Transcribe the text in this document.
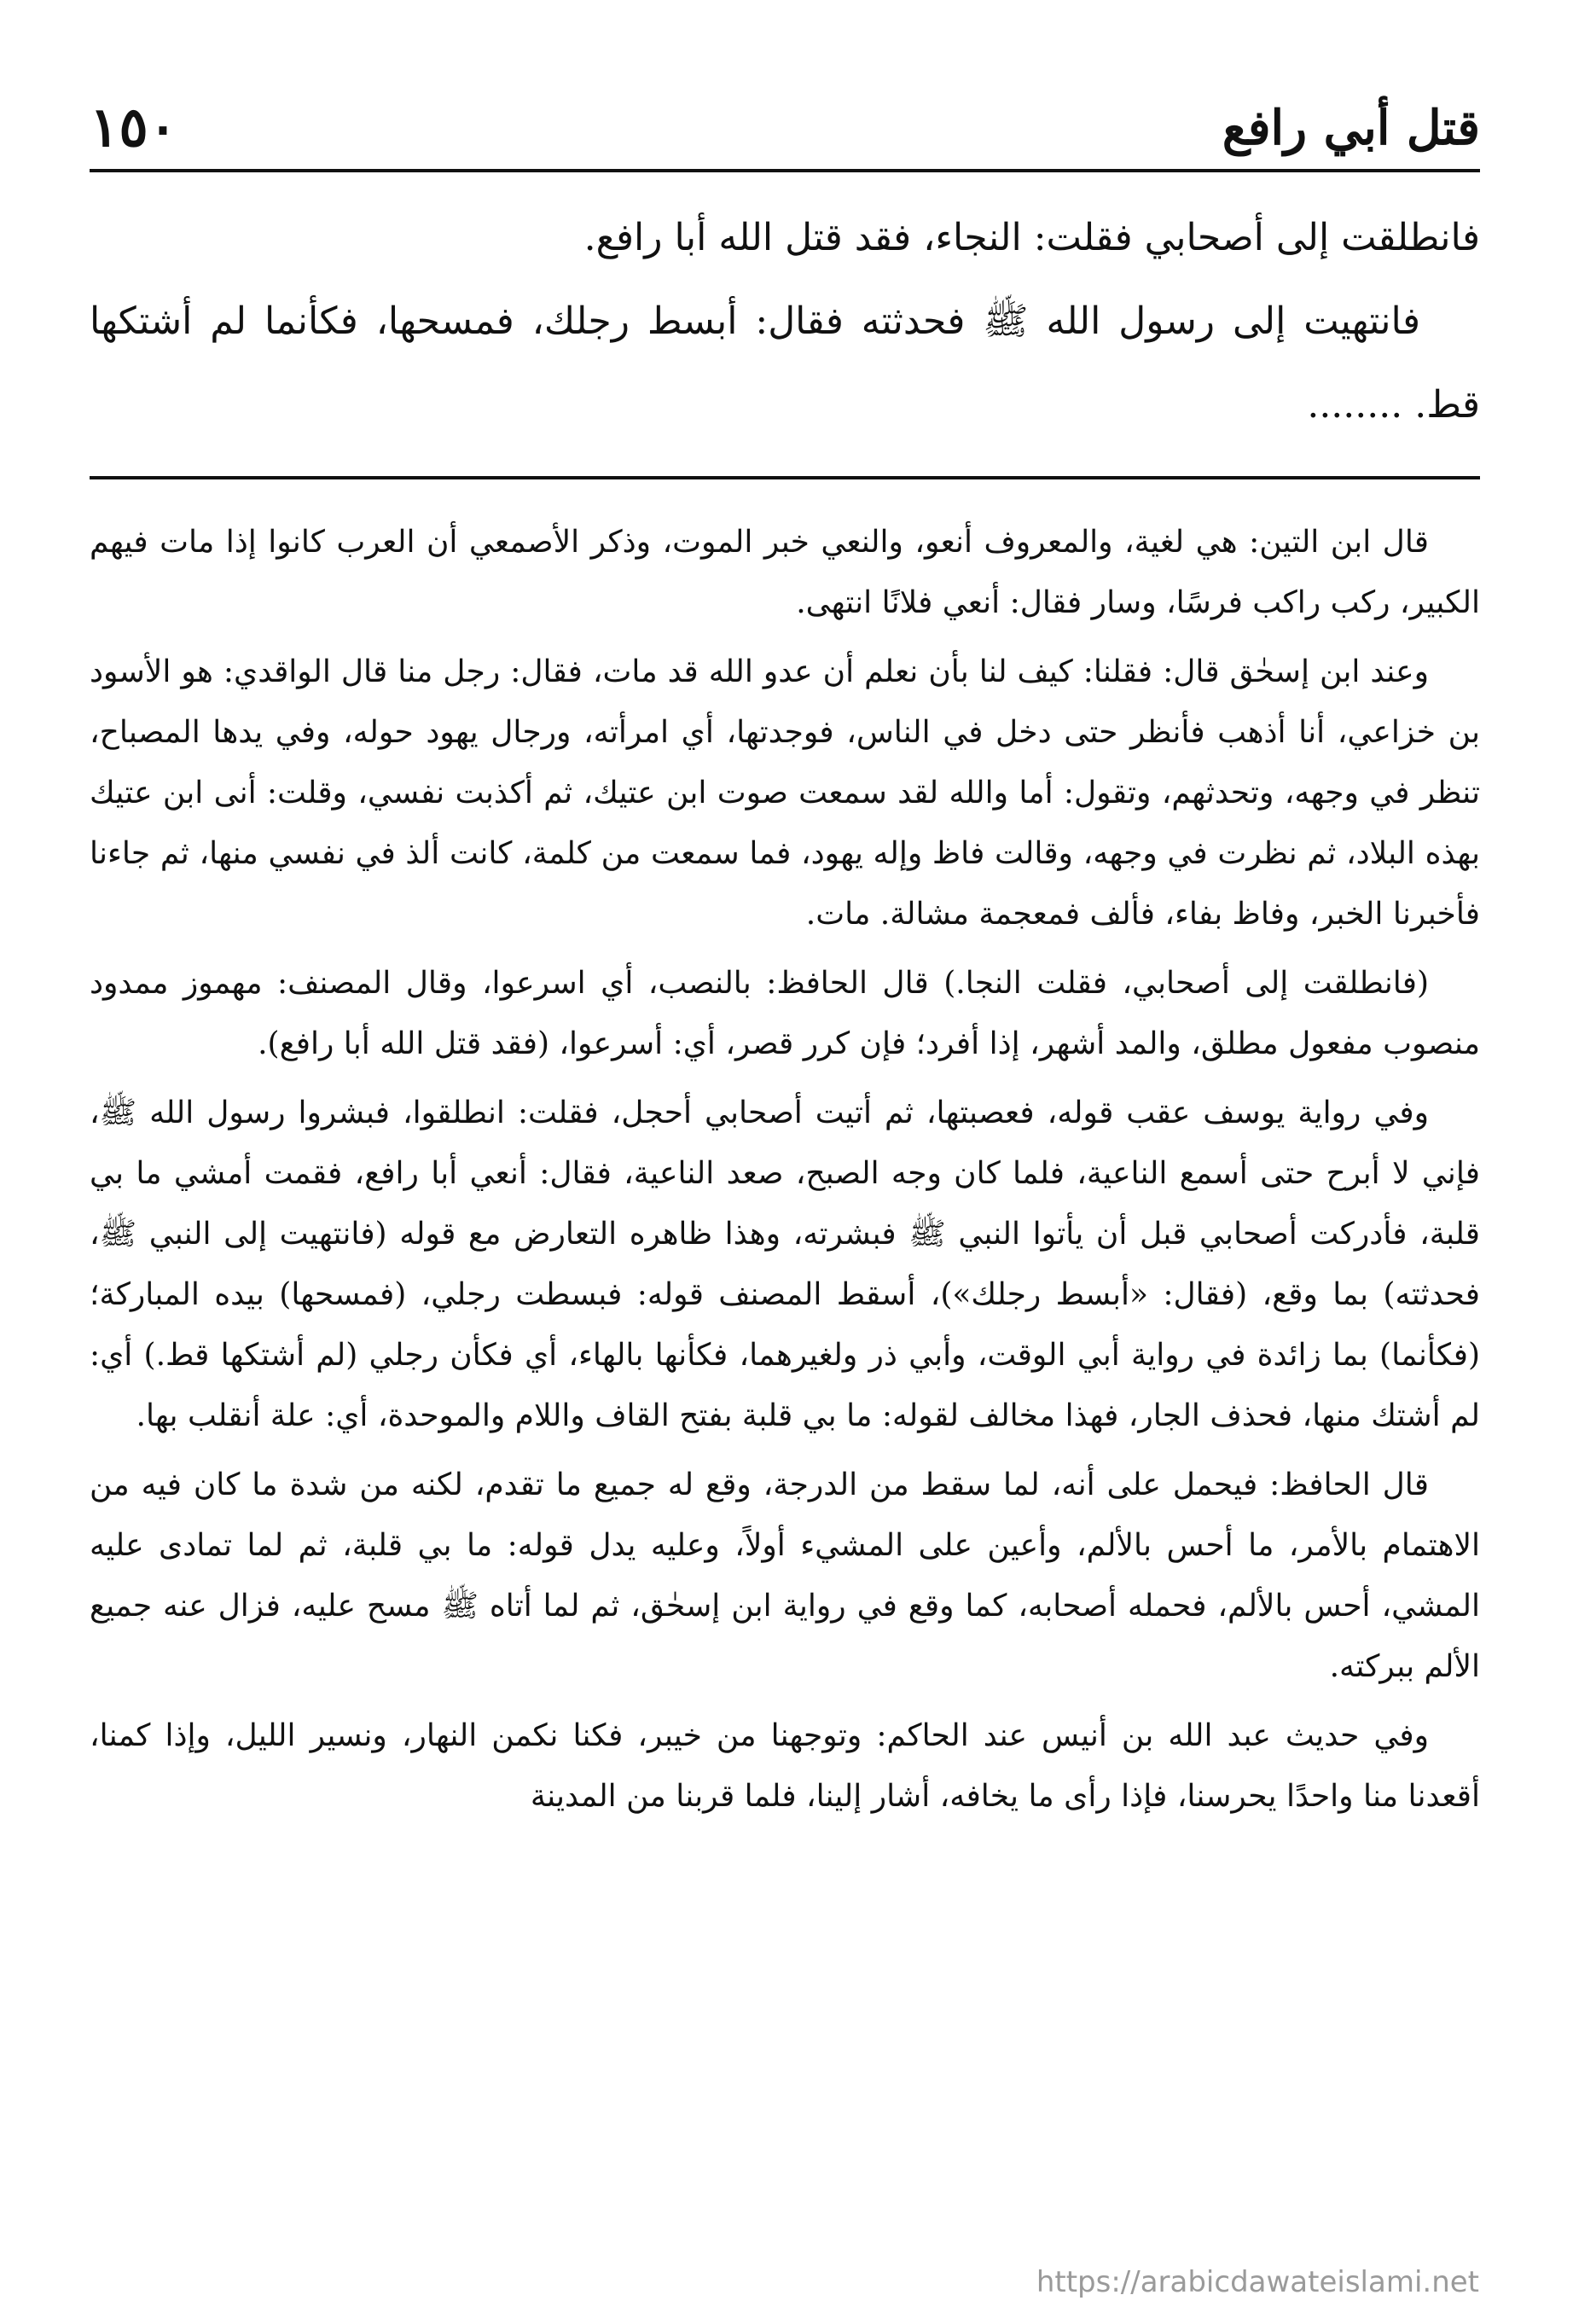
١٥٠	قتل أبي رافع

فانطلقت إلى أصحابي فقلت: النجاء، فقد قتل الله أبا رافع.

فانتهيت إلى رسول الله ﷺ فحدثته فقال: أبسط رجلك، فمسحها، فكأنما لم أشتكها قط. ........

قال ابن التين: هي لغية، والمعروف أنعو، والنعي خبر الموت، وذكر الأصمعي أن العرب كانوا إذا مات فيهم الكبير، ركب راكب فرسًا، وسار فقال: أنعي فلانًا انتهى.

وعند ابن إسحٰق قال: فقلنا: كيف لنا بأن نعلم أن عدو الله قد مات، فقال: رجل منا قال الواقدي: هو الأسود بن خزاعي، أنا أذهب فأنظر حتى دخل في الناس، فوجدتها، أي امرأته، ورجال يهود حوله، وفي يدها المصباح، تنظر في وجهه، وتحدثهم، وتقول: أما والله لقد سمعت صوت ابن عتيك، ثم أكذبت نفسي، وقلت: أنى ابن عتيك بهذه البلاد، ثم نظرت في وجهه، وقالت فاظ وإله يهود، فما سمعت من كلمة، كانت ألذ في نفسي منها، ثم جاءنا فأخبرنا الخبر، وفاظ بفاء، فألف فمعجمة مشالة. مات.

(فانطلقت إلى أصحابي، فقلت النجا.) قال الحافظ: بالنصب، أي اسرعوا، وقال المصنف: مهموز ممدود منصوب مفعول مطلق، والمد أشهر، إذا أفرد؛ فإن كرر قصر، أي: أسرعوا، (فقد قتل الله أبا رافع).

وفي رواية يوسف عقب قوله، فعصبتها، ثم أتيت أصحابي أحجل، فقلت: انطلقوا، فبشروا رسول الله ﷺ، فإني لا أبرح حتى أسمع الناعية، فلما كان وجه الصبح، صعد الناعية، فقال: أنعي أبا رافع، فقمت أمشي ما بي قلبة، فأدركت أصحابي قبل أن يأتوا النبي ﷺ فبشرته، وهذا ظاهره التعارض مع قوله (فانتهيت إلى النبي ﷺ، فحدثته) بما وقع، (فقال: «أبسط رجلك»)، أسقط المصنف قوله: فبسطت رجلي، (فمسحها) بيده المباركة؛ (فكأنما) بما زائدة في رواية أبي الوقت، وأبي ذر ولغيرهما، فكأنها بالهاء، أي فكأن رجلي (لم أشتكها قط.) أي: لم أشتك منها، فحذف الجار، فهذا مخالف لقوله: ما بي قلبة بفتح القاف واللام والموحدة، أي: علة أنقلب بها.

قال الحافظ: فيحمل على أنه، لما سقط من الدرجة، وقع له جميع ما تقدم، لكنه من شدة ما كان فيه من الاهتمام بالأمر، ما أحس بالألم، وأعين على المشيء أولاً، وعليه يدل قوله: ما بي قلبة، ثم لما تمادى عليه المشي، أحس بالألم، فحمله أصحابه، كما وقع في رواية ابن إسحٰق، ثم لما أتاه ﷺ مسح عليه، فزال عنه جميع الألم ببركته.

وفي حديث عبد الله بن أنيس عند الحاكم: وتوجهنا من خيبر، فكنا نكمن النهار، ونسير الليل، وإذا كمنا، أقعدنا منا واحدًا يحرسنا، فإذا رأى ما يخافه، أشار إلينا، فلما قربنا من المدينة

https://arabicdawateislami.net
